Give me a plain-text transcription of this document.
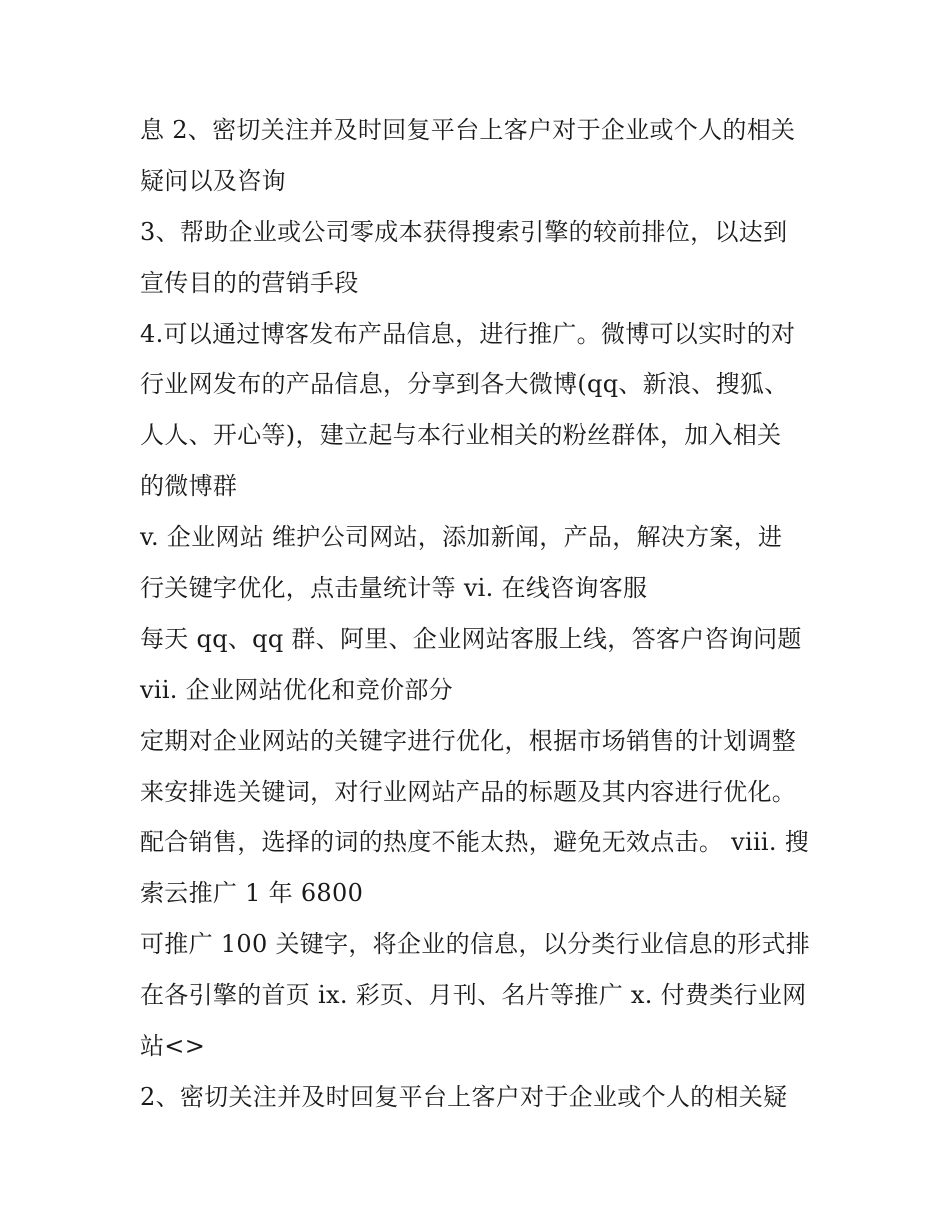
息 2、密切关注并及时回复平台上客户对于企业或个人的相关
疑问以及咨询
3、帮助企业或公司零成本获得搜索引擎的较前排位，以达到
宣传目的的营销手段
4.可以通过博客发布产品信息，进行推广。微博可以实时的对
行业网发布的产品信息，分享到各大微博(qq、新浪、搜狐、
人人、开心等)，建立起与本行业相关的粉丝群体，加入相关
的微博群
v. 企业网站 维护公司网站，添加新闻，产品，解决方案，进
行关键字优化，点击量统计等 vi. 在线咨询客服
每天 qq、qq 群、阿里、企业网站客服上线，答客户咨询问题
vii. 企业网站优化和竞价部分
定期对企业网站的关键字进行优化，根据市场销售的计划调整
来安排选关键词，对行业网站产品的标题及其内容进行优化。
配合销售，选择的词的热度不能太热，避免无效点击。 viii. 搜
索云推广 1 年 6800
可推广 100 关键字，将企业的信息，以分类行业信息的形式排
在各引擎的首页 ix. 彩页、月刊、名片等推广 x. 付费类行业网
站<>
2、密切关注并及时回复平台上客户对于企业或个人的相关疑
